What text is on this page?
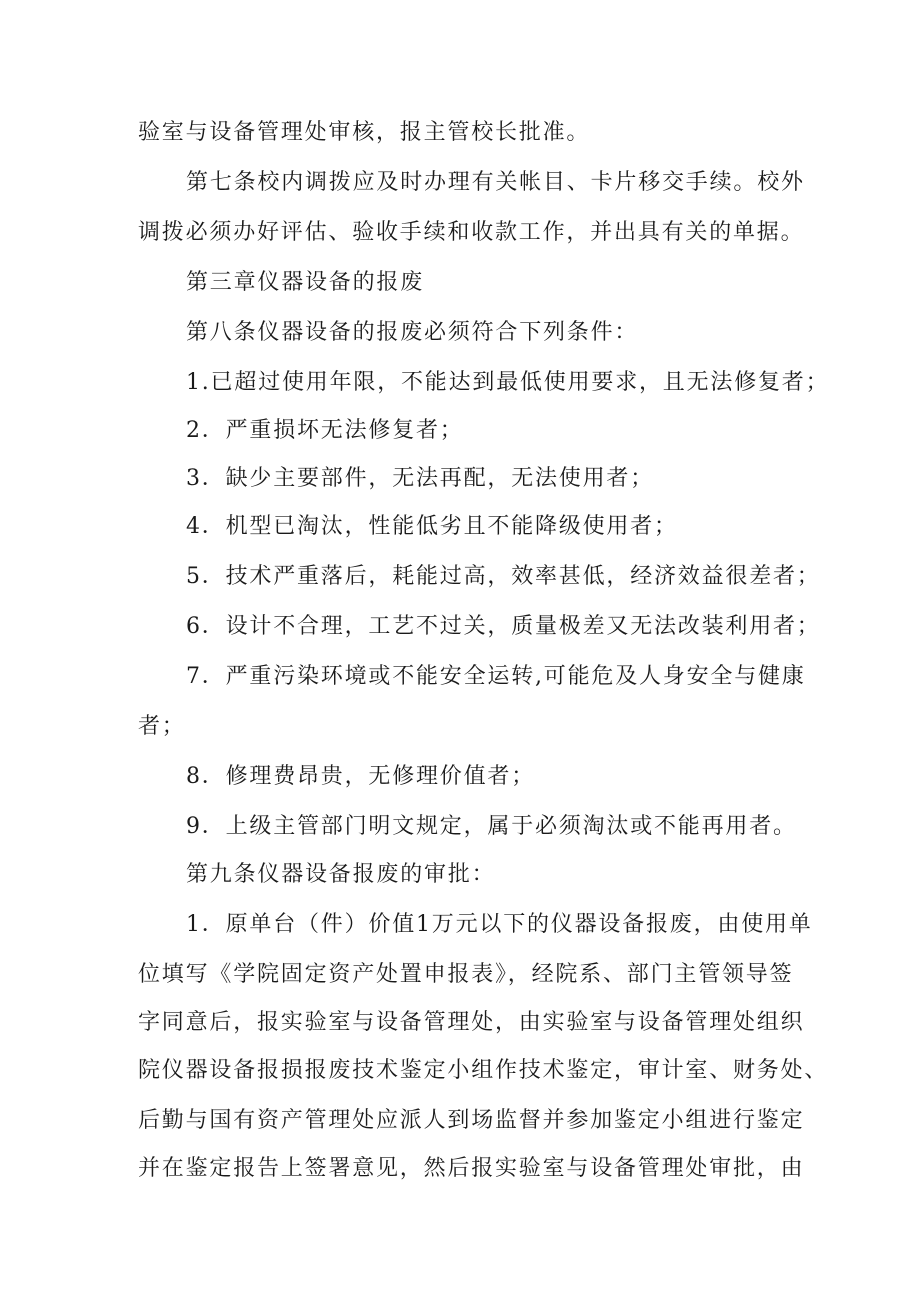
验室与设备管理处审核，报主管校长批准。
第七条校内调拨应及时办理有关帐目、卡片移交手续。校外
调拨必须办好评估、验收手续和收款工作，并出具有关的单据。
第三章仪器设备的报废
第八条仪器设备的报废必须符合下列条件：
1.已超过使用年限，不能达到最低使用要求，且无法修复者；
2．严重损坏无法修复者；
3．缺少主要部件，无法再配，无法使用者；
4．机型已淘汰，性能低劣且不能降级使用者；
5．技术严重落后，耗能过高，效率甚低，经济效益很差者；
6．设计不合理，工艺不过关，质量极差又无法改装利用者；
7．严重污染环境或不能安全运转,可能危及人身安全与健康
者；
8．修理费昂贵，无修理价值者；
9．上级主管部门明文规定，属于必须淘汰或不能再用者。
第九条仪器设备报废的审批：
1．原单台（件）价值1万元以下的仪器设备报废，由使用单
位填写《学院固定资产处置申报表》，经院系、部门主管领导签
字同意后，报实验室与设备管理处，由实验室与设备管理处组织
院仪器设备报损报废技术鉴定小组作技术鉴定，审计室、财务处、
后勤与国有资产管理处应派人到场监督并参加鉴定小组进行鉴定
并在鉴定报告上签署意见，然后报实验室与设备管理处审批，由
